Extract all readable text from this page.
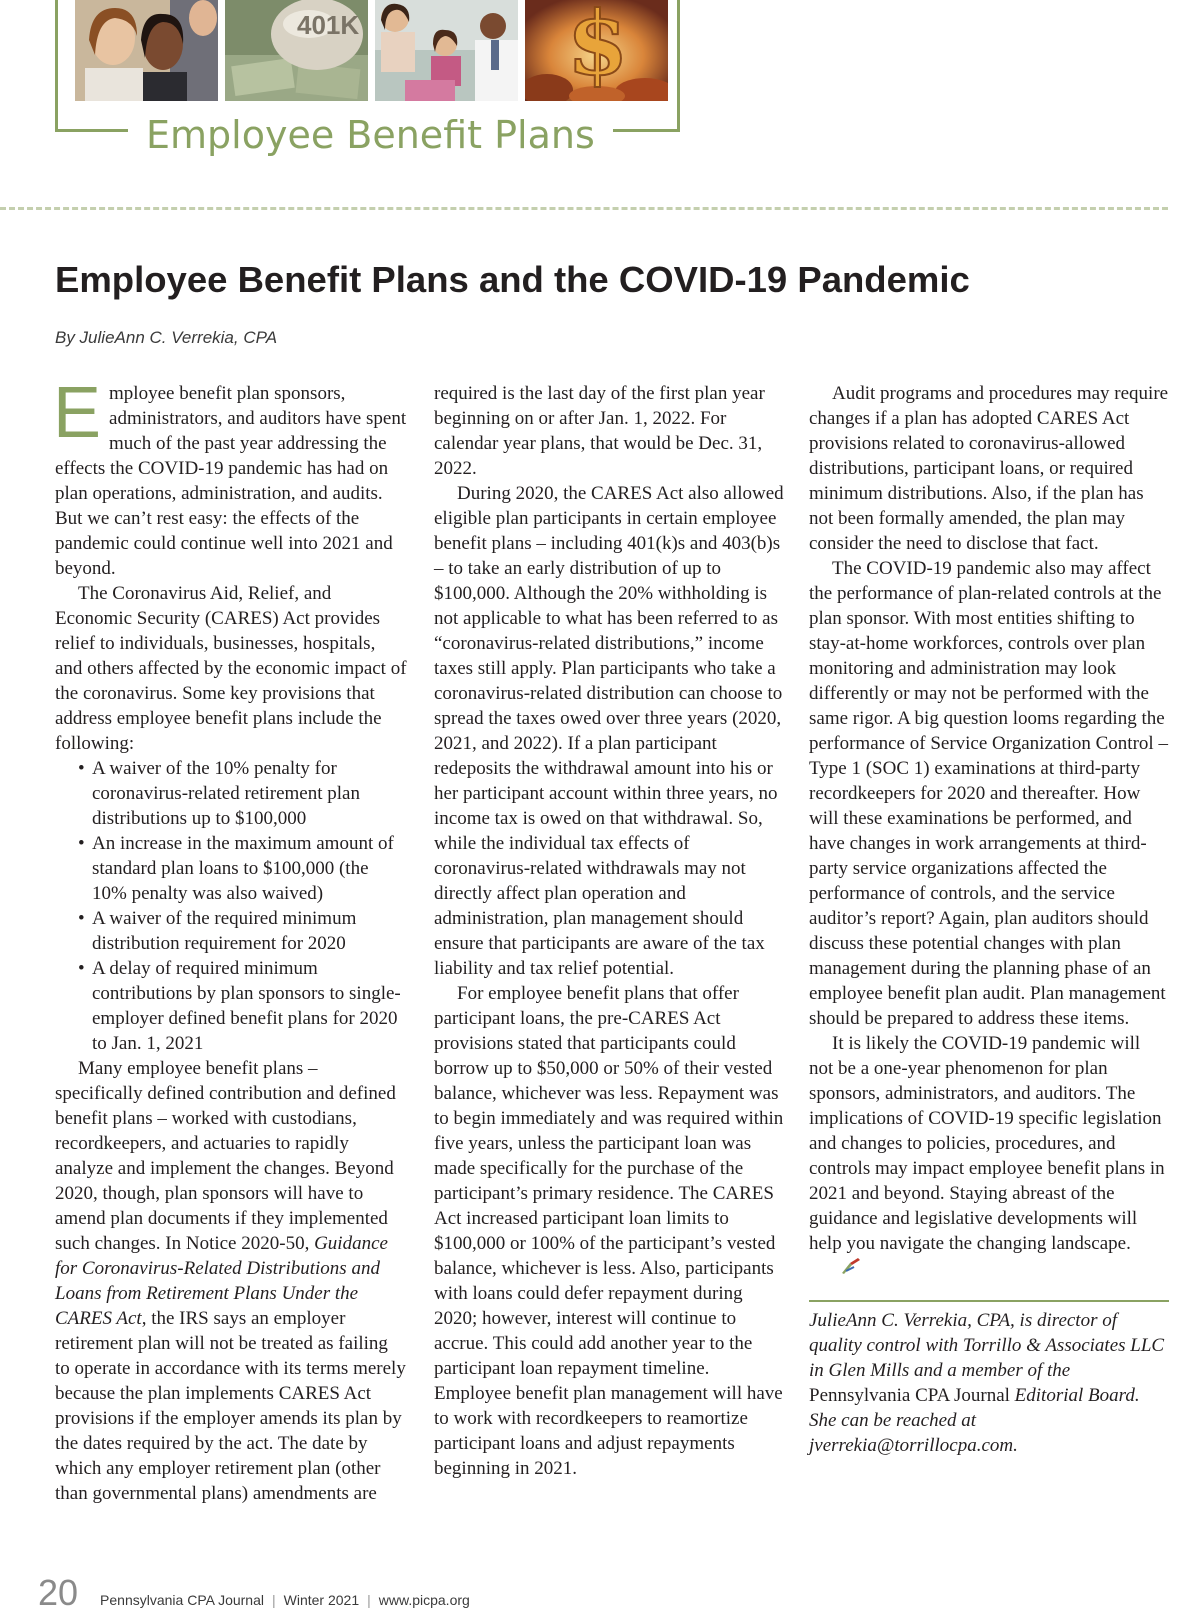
401K $
Employee Benefit Plans
Employee Benefit Plans and the COVID-19 Pandemic

By JulieAnn C. Verrekia, CPA

Employee benefit plan sponsors, administrators, and auditors have spent much of the past year addressing the effects the COVID-19 pandemic has had on plan operations, administration, and audits. But we can’t rest easy: the effects of the pandemic could continue well into 2021 and beyond.

The Coronavirus Aid, Relief, and Economic Security (CARES) Act provides relief to individuals, businesses, hospitals, and others affected by the economic impact of the coronavirus. Some key provisions that address employee benefit plans include the following:

• A waiver of the 10% penalty for coronavirus-related retirement plan distributions up to $100,000
• An increase in the maximum amount of standard plan loans to $100,000 (the 10% penalty was also waived)
• A waiver of the required minimum distribution requirement for 2020
• A delay of required minimum contributions by plan sponsors to single-employer defined benefit plans for 2020 to Jan. 1, 2021

Many employee benefit plans – specifically defined contribution and defined benefit plans – worked with custodians, recordkeepers, and actuaries to rapidly analyze and implement the changes. Beyond 2020, though, plan sponsors will have to amend plan documents if they implemented such changes. In Notice 2020-50, Guidance for Coronavirus-Related Distributions and Loans from Retirement Plans Under the CARES Act, the IRS says an employer retirement plan will not be treated as failing to operate in accordance with its terms merely because the plan implements CARES Act provisions if the employer amends its plan by the dates required by the act. The date by which any employer retirement plan (other than governmental plans) amendments are

required is the last day of the first plan year beginning on or after Jan. 1, 2022. For calendar year plans, that would be Dec. 31, 2022.

During 2020, the CARES Act also allowed eligible plan participants in certain employee benefit plans – including 401(k)s and 403(b)s – to take an early distribution of up to $100,000. Although the 20% withholding is not applicable to what has been referred to as “coronavirus-related distributions,” income taxes still apply. Plan participants who take a coronavirus-related distribution can choose to spread the taxes owed over three years (2020, 2021, and 2022). If a plan participant redeposits the withdrawal amount into his or her participant account within three years, no income tax is owed on that withdrawal. So, while the individual tax effects of coronavirus-related withdrawals may not directly affect plan operation and administration, plan management should ensure that participants are aware of the tax liability and tax relief potential.

For employee benefit plans that offer participant loans, the pre-CARES Act provisions stated that participants could borrow up to $50,000 or 50% of their vested balance, whichever was less. Repayment was to begin immediately and was required within five years, unless the participant loan was made specifically for the purchase of the participant’s primary residence. The CARES Act increased participant loan limits to $100,000 or 100% of the participant’s vested balance, whichever is less. Also, participants with loans could defer repayment during 2020; however, interest will continue to accrue. This could add another year to the participant loan repayment timeline. Employee benefit plan management will have to work with recordkeepers to reamortize participant loans and adjust repayments beginning in 2021.

Audit programs and procedures may require changes if a plan has adopted CARES Act provisions related to coronavirus-allowed distributions, participant loans, or required minimum distributions. Also, if the plan has not been formally amended, the plan may consider the need to disclose that fact.

The COVID-19 pandemic also may affect the performance of plan-related controls at the plan sponsor. With most entities shifting to stay-at-home workforces, controls over plan monitoring and administration may look differently or may not be performed with the same rigor. A big question looms regarding the performance of Service Organization Control – Type 1 (SOC 1) examinations at third-party recordkeepers for 2020 and thereafter. How will these examinations be performed, and have changes in work arrangements at third-party service organizations affected the performance of controls, and the service auditor’s report? Again, plan auditors should discuss these potential changes with plan management during the planning phase of an employee benefit plan audit. Plan management should be prepared to address these items.

It is likely the COVID-19 pandemic will not be a one-year phenomenon for plan sponsors, administrators, and auditors. The implications of COVID-19 specific legislation and changes to policies, procedures, and controls may impact employee benefit plans in 2021 and beyond. Staying abreast of the guidance and legislative developments will help you navigate the changing landscape.

JulieAnn C. Verrekia, CPA, is director of quality control with Torrillo & Associates LLC in Glen Mills and a member of the Pennsylvania CPA Journal Editorial Board. She can be reached at jverrekia@torrillocpa.com.

20 Pennsylvania CPA Journal | Winter 2021 | www.picpa.org
